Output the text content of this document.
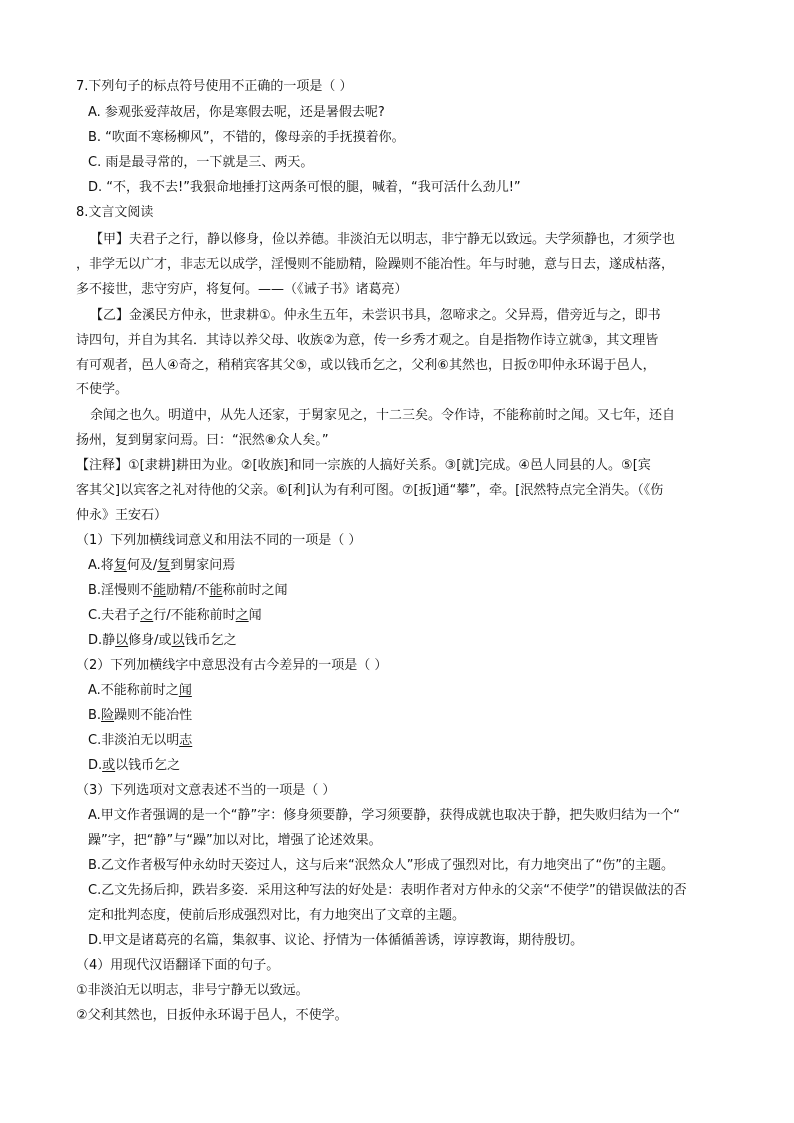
7.下列句子的标点符号使用不正确的一项是（ ）
A. 参观张爱萍故居，你是寒假去呢，还是暑假去呢?
B. “吹面不寒杨柳风”，不错的，像母亲的手抚摸着你。
C. 雨是最寻常的，一下就是三、两天。
D. “不，我不去!”我狠命地捶打这两条可恨的腿，喊着，“我可活什么劲儿!”
8.文言文阅读
【甲】夫君子之行，静以修身，俭以养德。非淡泊无以明志，非宁静无以致远。夫学须静也，才须学也
，非学无以广才，非志无以成学，淫慢则不能励精，险躁则不能冶性。年与时驰，意与日去，遂成枯落，
多不接世，悲守穷庐，将复何。——（《诫子书》诸葛亮）
【乙】金溪民方仲永，世隶耕①。仲永生五年，未尝识书具，忽啼求之。父异焉，借旁近与之，即书
诗四句，并自为其名．其诗以养父母、收族②为意，传一乡秀才观之。自是指物作诗立就③，其文理皆
有可观者，邑人④奇之，稍稍宾客其父⑤，或以钱币乞之，父利⑥其然也，日扳⑦叩仲永环谒于邑人，
不使学。
余闻之也久。明道中，从先人还家，于舅家见之，十二三矣。令作诗，不能称前时之闻。又七年，还自
扬州，复到舅家问焉。曰：“泯然⑧众人矣。”
【注释】①[隶耕]耕田为业。②[收族]和同一宗族的人搞好关系。③[就]完成。④邑人同县的人。⑤[宾
客其父]以宾客之礼对待他的父亲。⑥[利]认为有利可图。⑦[扳]通“攀”，牵。[泯然特点完全消失。（《伤
仲永》王安石）
（1）下列加横线词意义和用法不同的一项是（ ）
A.将复何及/复到舅家问焉
B.淫慢则不能励精/不能称前时之闻
C.夫君子之行/不能称前时之闻
D.静以修身/或以钱币乞之
（2）下列加横线字中意思没有古今差异的一项是（ ）
A.不能称前时之闻
B.险躁则不能冶性
C.非淡泊无以明志
D.或以钱币乞之
（3）下列选项对文意表述不当的一项是（ ）
A.甲文作者强调的是一个“静”字：修身须要静，学习须要静，获得成就也取决于静，把失败归结为一个“
躁”字，把“静”与“躁”加以对比，增强了论述效果。
B.乙文作者极写仲永幼时天姿过人，这与后来“泯然众人”形成了强烈对比，有力地突出了“伤”的主题。
C.乙文先扬后抑，跌岩多姿．采用这种写法的好处是：表明作者对方仲永的父亲“不使学”的错误做法的否
定和批判态度，使前后形成强烈对比，有力地突出了文章的主题。
D.甲文是诸葛亮的名篇，集叙事、议论、抒情为一体循循善诱，谆谆教诲，期待殷切。
（4）用现代汉语翻译下面的句子。
①非淡泊无以明志，非号宁静无以致远。
②父利其然也，日扳仲永环谒于邑人，不使学。
